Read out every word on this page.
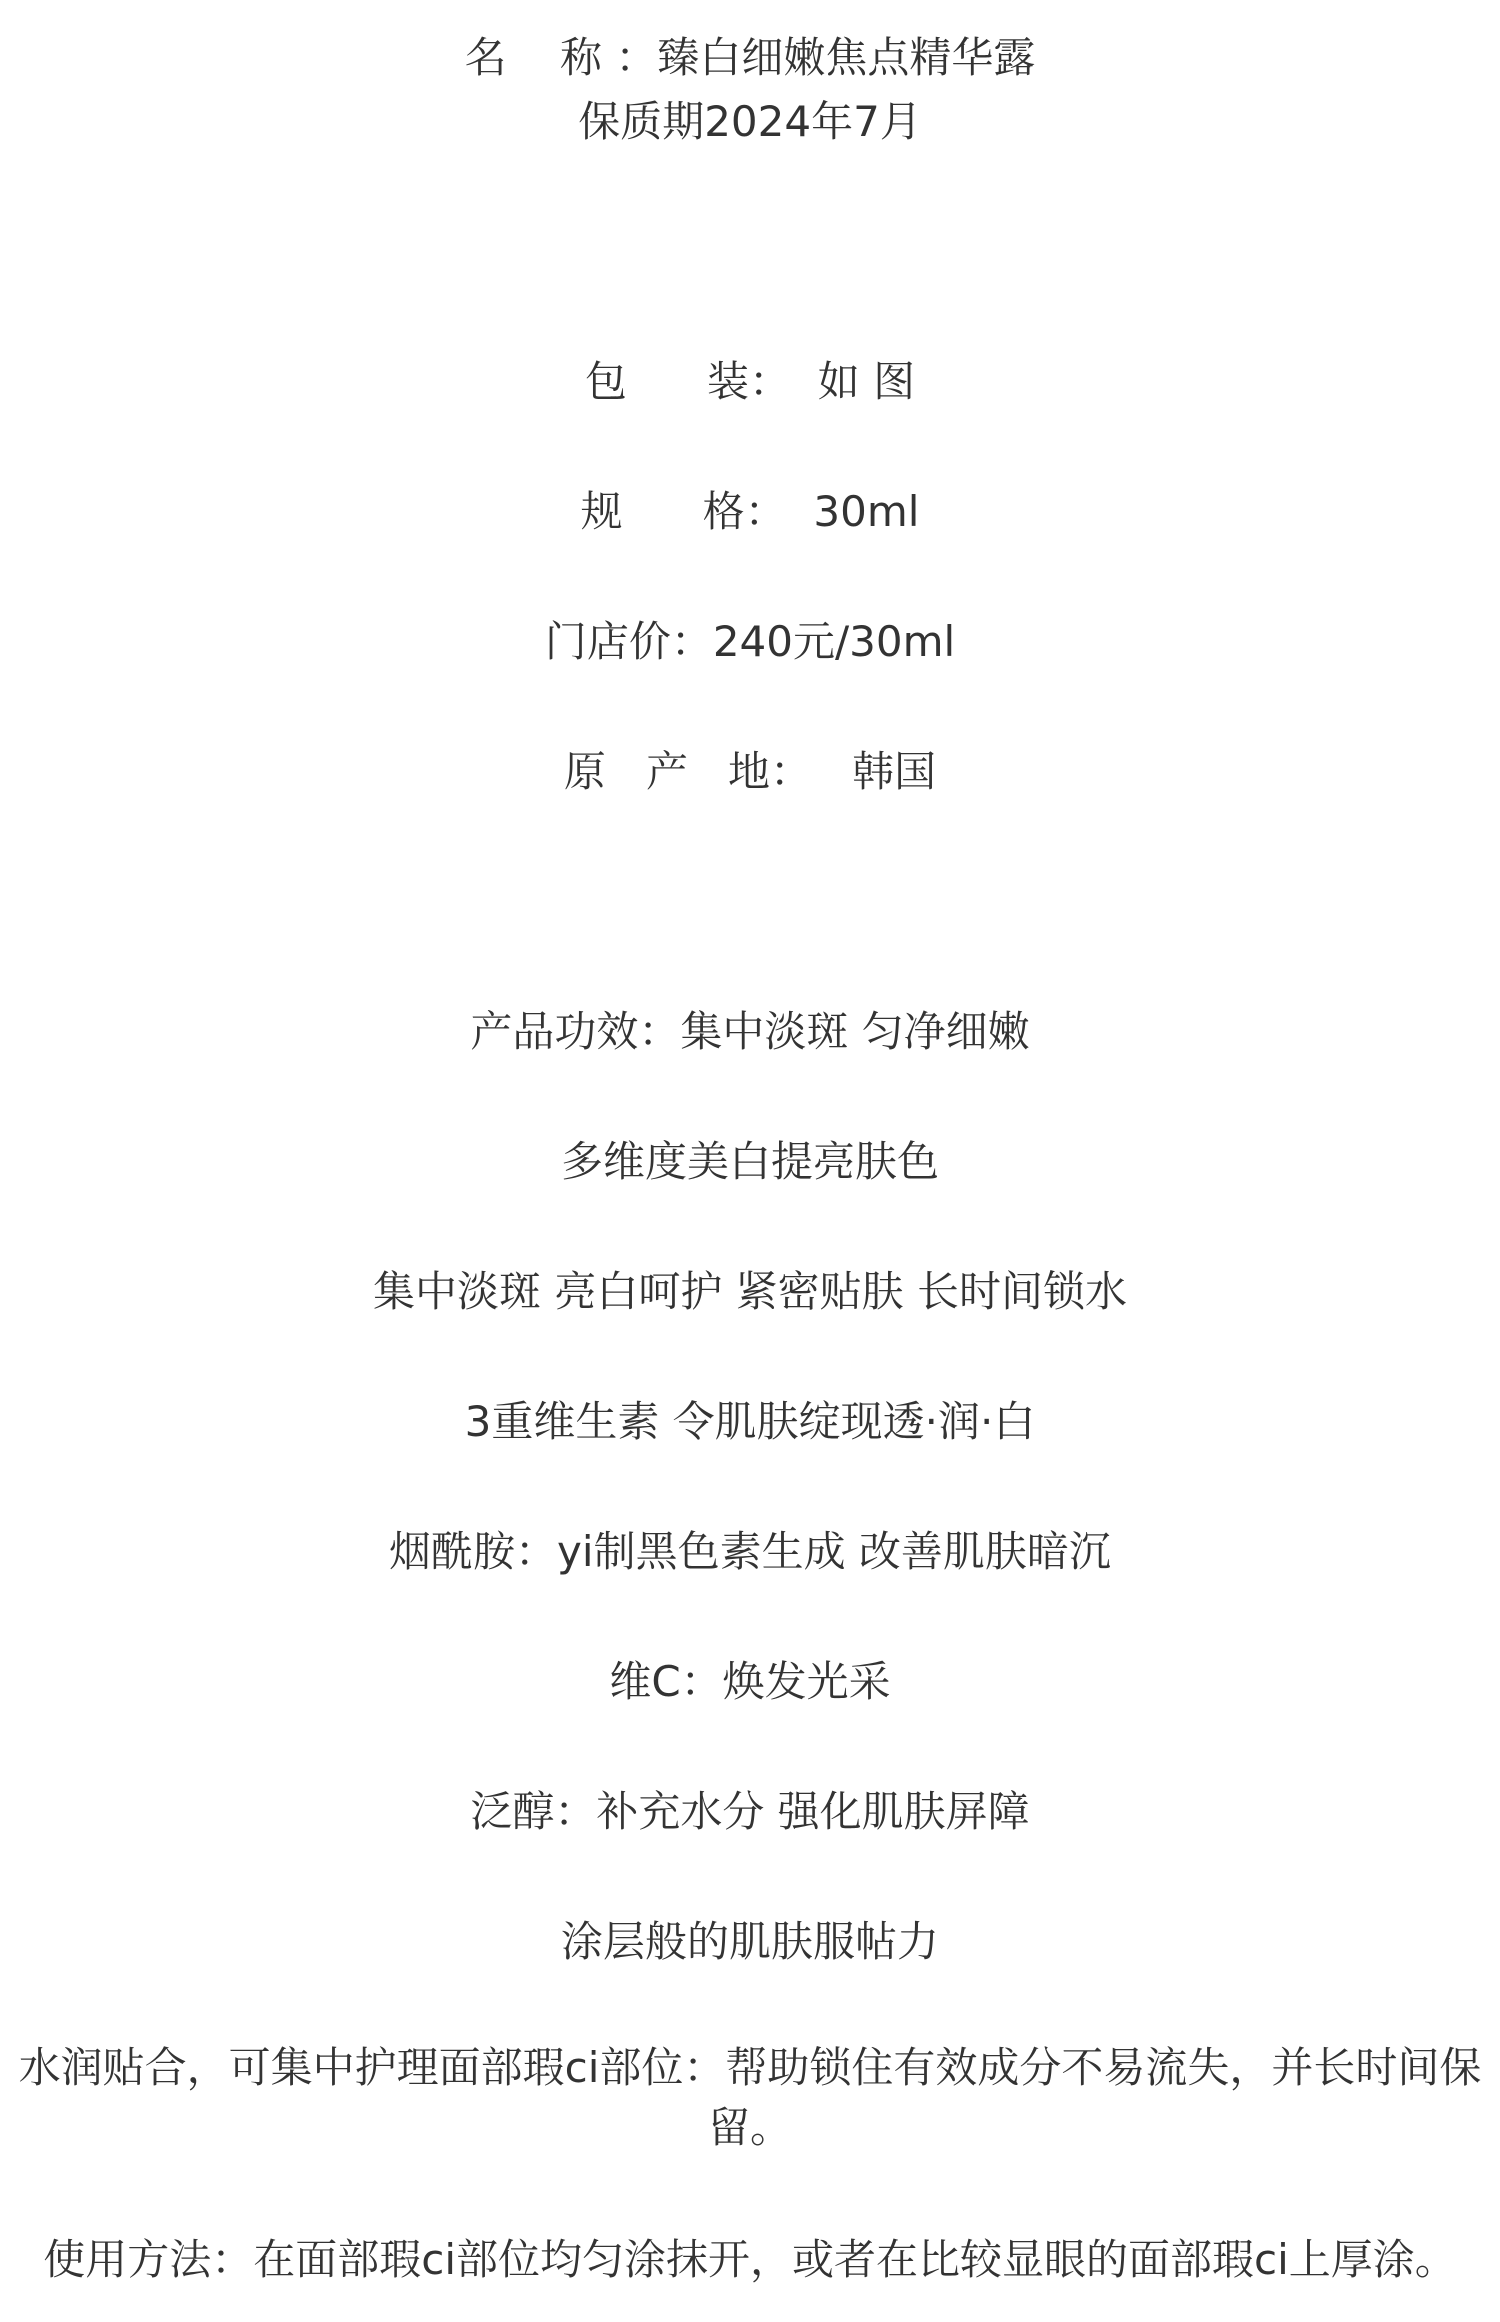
名    称 ：臻白细嫩焦点精华露
保质期2024年7月
包      装：  如 图
规      格：  30ml
门店价：240元/30ml
原   产   地：   韩国
产品功效：集中淡斑 匀净细嫩
多维度美白提亮肤色
集中淡斑 亮白呵护 紧密贴肤 长时间锁水
3重维生素 令肌肤绽现透·润·白
烟酰胺：yi制黑色素生成 改善肌肤暗沉
维C：焕发光采
泛醇：补充水分 强化肌肤屏障
涂层般的肌肤服帖力
水润贴合，可集中护理面部瑕ci部位：帮助锁住有效成分不易流失，并长时间保留。
使用方法：在面部瑕ci部位均匀涂抹开，或者在比较显眼的面部瑕ci上厚涂。
